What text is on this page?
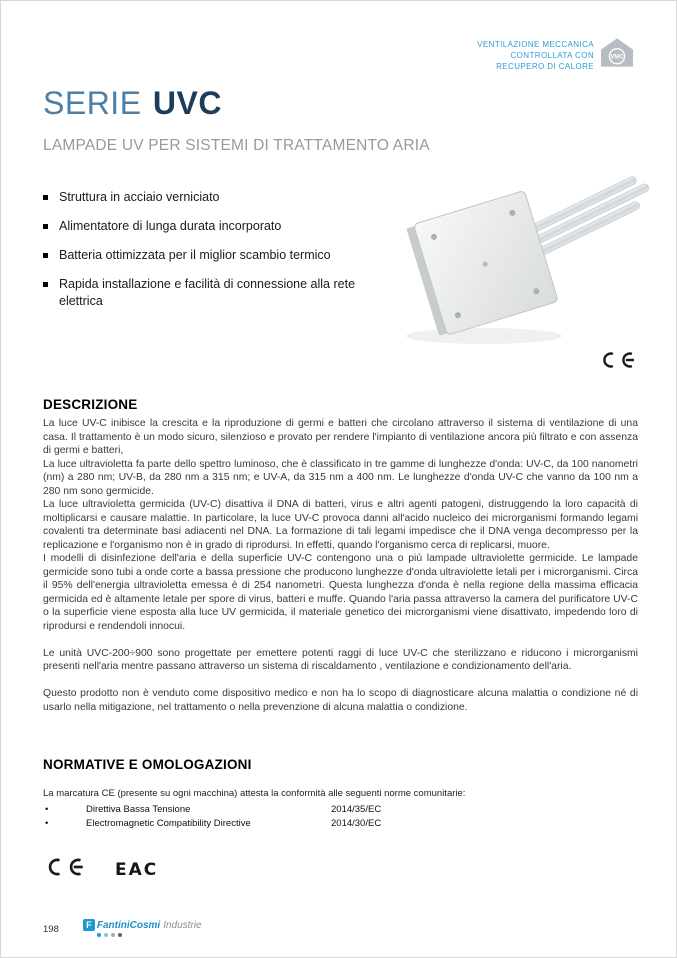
VENTILAZIONE MECCANICA
CONTROLLATA CON
RECUPERO DI CALORE
VMC
SERIE UVC
LAMPADE UV PER SISTEMI DI TRATTAMENTO ARIA
Struttura in acciaio verniciato
Alimentatore di lunga durata incorporato
Batteria ottimizzata per il miglior scambio termico
Rapida installazione e facilità di connessione alla rete elettrica
DESCRIZIONE

La luce UV-C inibisce la crescita e la riproduzione di germi e batteri che circolano attraverso il sistema di ventilazione di una casa. Il trattamento è un modo sicuro, silenzioso e provato per rendere l'impianto di ventilazione ancora più filtrato e con assenza di germi e batteri,

La luce ultravioletta fa parte dello spettro luminoso, che è classificato in tre gamme di lunghezze d'onda: UV-C, da 100 nanometri (nm) a 280 nm; UV-B, da 280 nm a 315 nm; e UV-A, da 315 nm a 400 nm. Le lunghezze d'onda UV-C che vanno da 100 nm a 280 nm sono germicide.

La luce ultravioletta germicida (UV-C) disattiva il DNA di batteri, virus e altri agenti patogeni, distruggendo la loro capacità di moltiplicarsi e causare malattie. In particolare, la luce UV-C provoca danni all'acido nucleico dei microrganismi formando legami covalenti tra determinate basi adiacenti nel DNA. La formazione di tali legami impedisce che il DNA venga decompresso per la replicazione e l'organismo non è in grado di riprodursi. In effetti, quando l'organismo cerca di replicarsi, muore.

I modelli di disinfezione dell'aria e della superficie UV-C contengono una o più lampade ultraviolette germicide. Le lampade germicide sono tubi a onde corte a bassa pressione che producono lunghezze d'onda ultraviolette letali per i microrganismi. Circa il 95% dell'energia ultravioletta emessa è di 254 nanometri. Questa lunghezza d'onda è nella regione della massima efficacia germicida ed è altamente letale per spore di virus, batteri e muffe. Quando l'aria passa attraverso la camera del purificatore UV-C o la superficie viene esposta alla luce UV germicida, il materiale genetico dei microrganismi viene disattivato, impedendo loro di riprodursi e rendendoli innocui.

Le unità UVC-200÷900 sono progettate per emettere potenti raggi di luce UV-C che sterilizzano e riducono i microrganismi presenti nell'aria mentre passano attraverso un sistema di riscaldamento , ventilazione e condizionamento dell'aria.

Questo prodotto non è venduto come dispositivo medico e non ha lo scopo di diagnosticare alcuna malattia o condizione né di usarlo nella mitigazione, nel trattamento o nella prevenzione di alcuna malattia o condizione.

NORMATIVE E OMOLOGAZIONI

La marcatura CE (presente su ogni macchina) attesta la conformità alle seguenti norme comunitarie:

•	Direttiva Bassa Tensione	2014/35/EC
•	Electromagnetic Compatibility Directive	2014/30/EC
EAC
198	F FantiniCosmi Industrie
